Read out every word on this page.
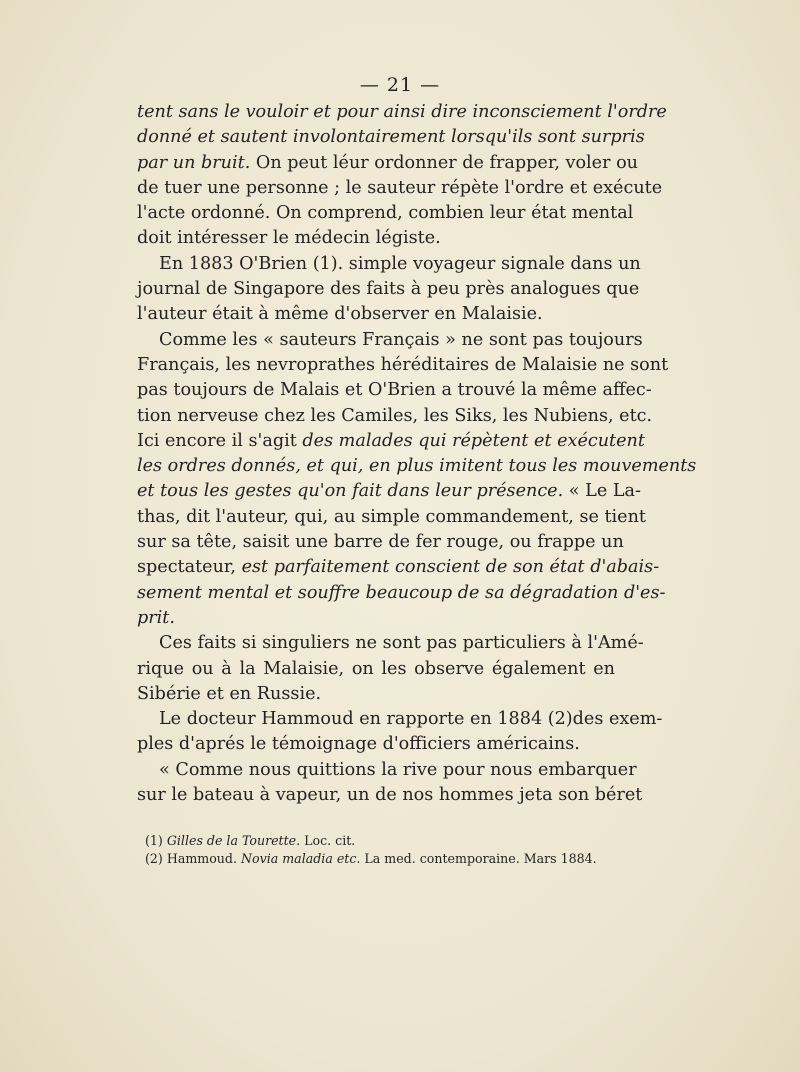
— 21 —
tent sans le vouloir et pour ainsi dire inconsciement l'ordre
donné et sautent involontairement lorsqu'ils sont surpris
par un bruit. On peut léur ordonner de frapper, voler ou
de tuer une personne ; le sauteur répète l'ordre et exécute
l'acte ordonné. On comprend, combien leur état mental
doit intéresser le médecin légiste.
En 1883 O'Brien (1). simple voyageur signale dans un
journal de Singapore des faits à peu près analogues que
l'auteur était à même d'observer en Malaisie.
Comme les « sauteurs Français » ne sont pas toujours
Français, les nevroprathes héréditaires de Malaisie ne sont
pas toujours de Malais et O'Brien a trouvé la même affec-
tion nerveuse chez les Camiles, les Siks, les Nubiens, etc.
Ici encore il s'agit des malades qui répètent et exécutent
les ordres donnés, et qui, en plus imitent tous les mouvements
et tous les gestes qu'on fait dans leur présence. « Le La-
thas, dit l'auteur, qui, au simple commandement, se tient
sur sa tête, saisit une barre de fer rouge, ou frappe un
spectateur, est parfaitement conscient de son état d'abais-
sement mental et souffre beaucoup de sa dégradation d'es-
prit.
Ces faits si singuliers ne sont pas particuliers à l'Amé-
rique ou à la Malaisie, on les observe également en
Sibérie et en Russie.
Le docteur Hammoud en rapporte en 1884 (2)des exem-
ples d'aprés le témoignage d'officiers américains.
« Comme nous quittions la rive pour nous embarquer
sur le bateau à vapeur, un de nos hommes jeta son béret
(1) Gilles de la Tourette. Loc. cit.
(2) Hammoud. Novia maladia etc. La med. contemporaine. Mars 1884.
